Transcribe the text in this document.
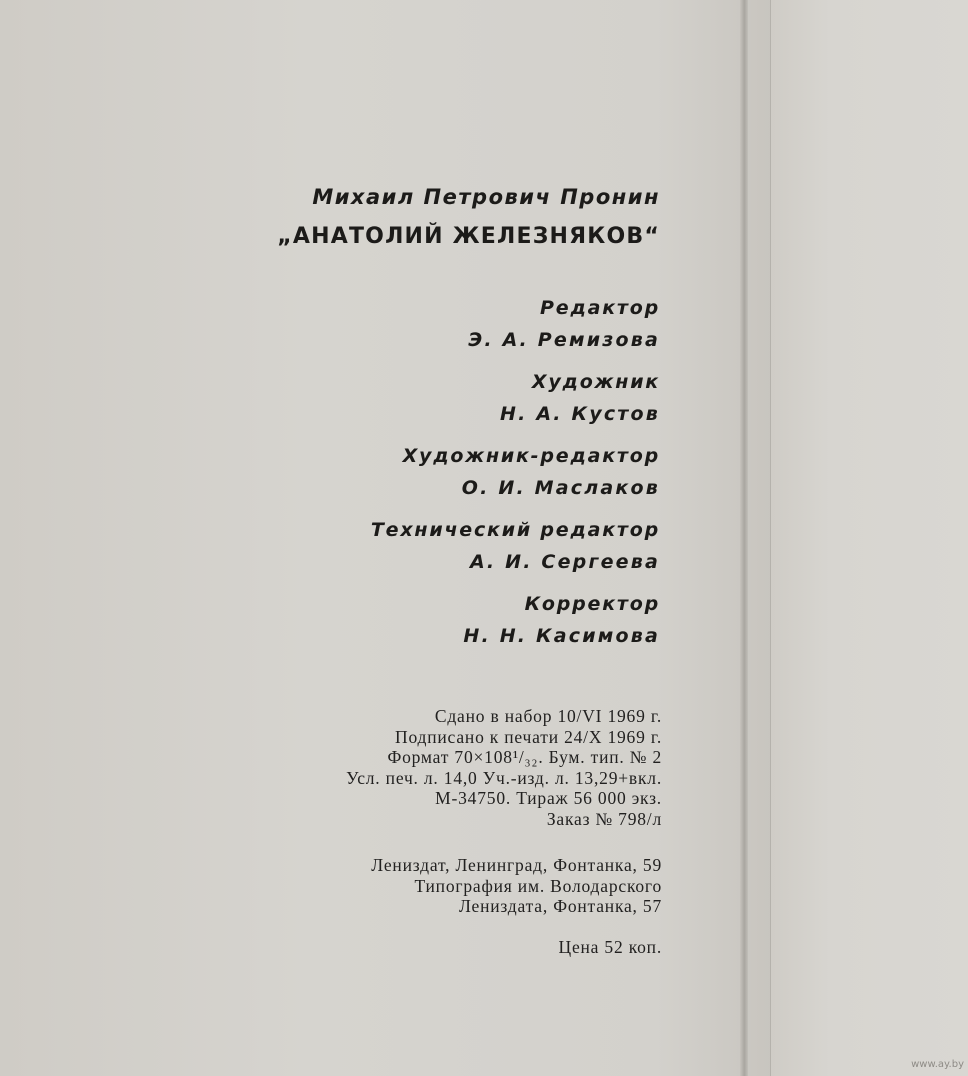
Михаил Петрович Пронин
„АНАТОЛИЙ ЖЕЛЕЗНЯКОВ“
Редактор
Э. А. Ремизова
Художник
Н. А. Кустов
Художник-редактор
О. И. Маслаков
Технический редактор
А. И. Сергеева
Корректор
Н. Н. Касимова
Сдано в набор 10/VI 1969 г.
Подписано к печати 24/X 1969 г.
Формат 70×108¹/₃₂. Бум. тип. № 2
Усл. печ. л. 14,0 Уч.-изд. л. 13,29+вкл.
М-34750. Тираж 56 000 экз.
Заказ № 798/л
Лениздат, Ленинград, Фонтанка, 59
Типография им. Володарского
Лениздата, Фонтанка, 57
Цена 52 коп.
www.ay.by
